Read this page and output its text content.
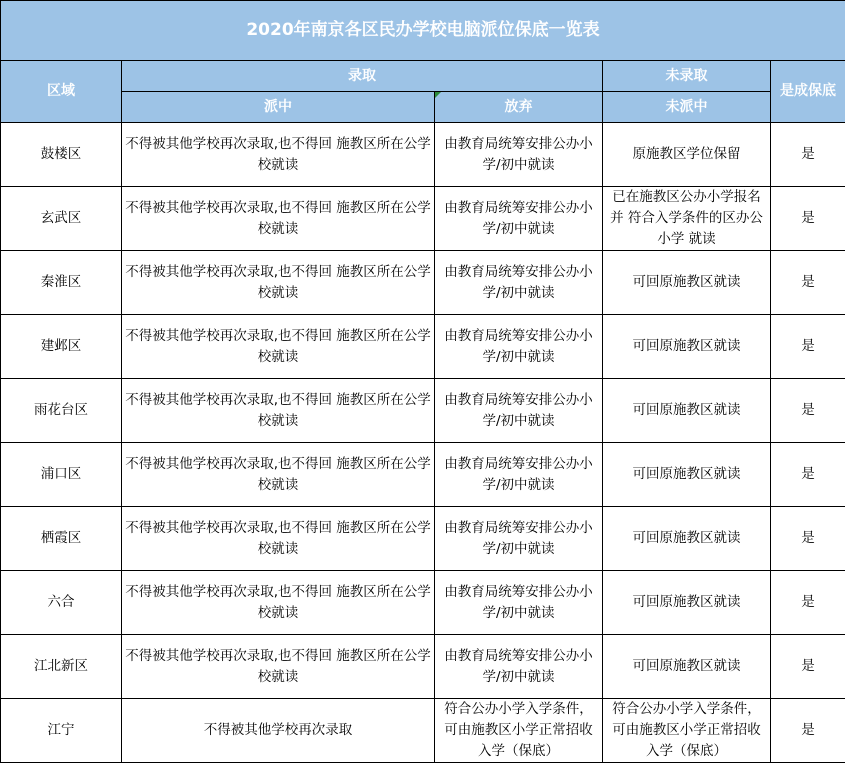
2020年南京各区民办学校电脑派位保底一览表				
区域	录取		未录取	是成保底
	派中	放弃	未派中	
鼓楼区	不得被其他学校再次录取,也不得回 施教区所在公学校就读	由教育局统筹安排公办小 学/初中就读	原施教区学位保留	是
玄武区	不得被其他学校再次录取,也不得回 施教区所在公学校就读	由教育局统筹安排公办小 学/初中就读	已在施教区公办小学报名并 符合入学条件的区办公小学 就读	是
秦淮区	不得被其他学校再次录取,也不得回 施教区所在公学校就读	由教育局统筹安排公办小 学/初中就读	可回原施教区就读	是
建邺区	不得被其他学校再次录取,也不得回 施教区所在公学校就读	由教育局统筹安排公办小 学/初中就读	可回原施教区就读	是
雨花台区	不得被其他学校再次录取,也不得回 施教区所在公学校就读	由教育局统筹安排公办小 学/初中就读	可回原施教区就读	是
浦口区	不得被其他学校再次录取,也不得回 施教区所在公学校就读	由教育局统筹安排公办小 学/初中就读	可回原施教区就读	是
栖霞区	不得被其他学校再次录取,也不得回 施教区所在公学校就读	由教育局统筹安排公办小 学/初中就读	可回原施教区就读	是
六合	不得被其他学校再次录取,也不得回 施教区所在公学校就读	由教育局统筹安排公办小 学/初中就读	可回原施教区就读	是
江北新区	不得被其他学校再次录取,也不得回 施教区所在公学校就读	由教育局统筹安排公办小 学/初中就读	可回原施教区就读	是
江宁	不得被其他学校再次录取	符合公办小学入学条件， 可由施教区小学正常招收 入学（保底）	符合公办小学入学条件， 可由施教区小学正常招收 入学（保底）	是
